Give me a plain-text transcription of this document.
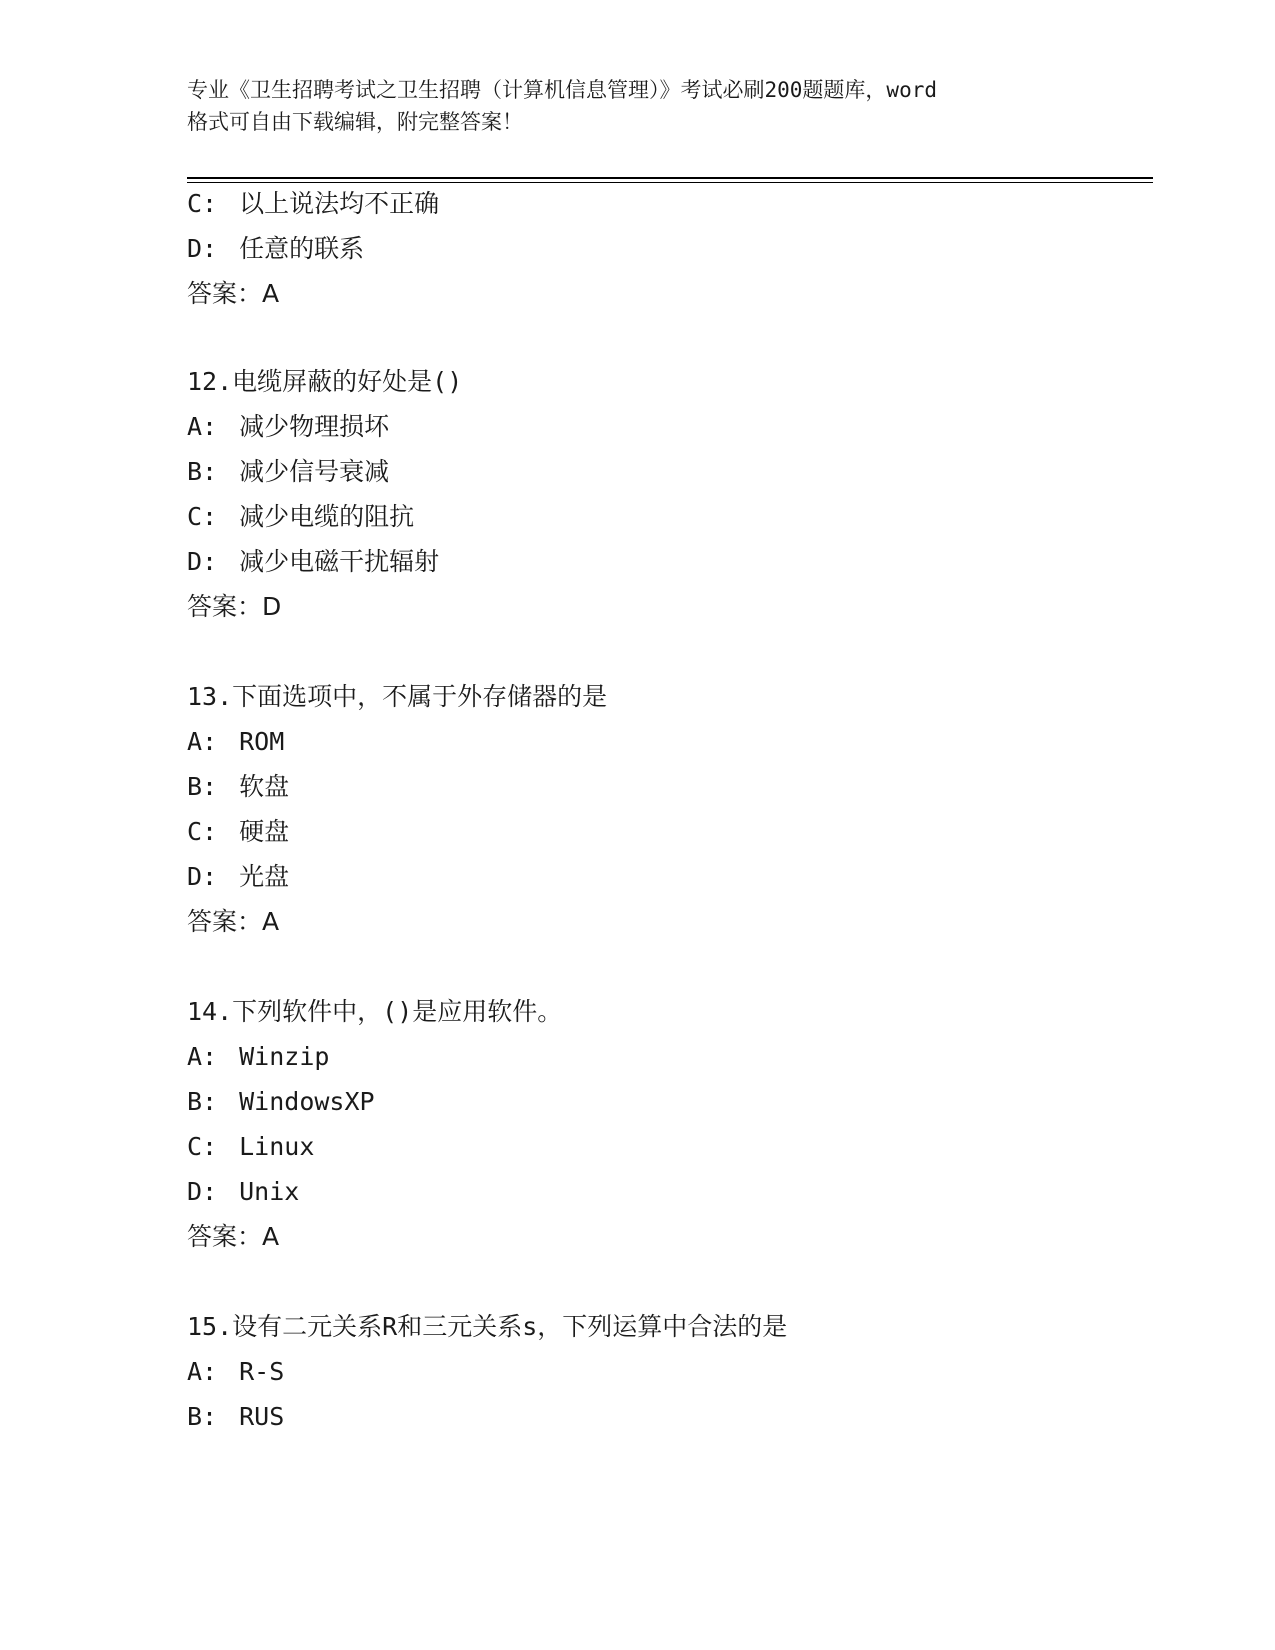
专业《卫生招聘考试之卫生招聘（计算机信息管理）》考试必刷200题题库，word
格式可自由下载编辑，附完整答案！
C: 以上说法均不正确
D: 任意的联系
答案：A
12.电缆屏蔽的好处是()
A: 减少物理损坏
B: 减少信号衰减
C: 减少电缆的阻抗
D: 减少电磁干扰辐射
答案：D
13.下面选项中，不属于外存储器的是
A: ROM
B: 软盘
C: 硬盘
D: 光盘
答案：A
14.下列软件中，()是应用软件。
A: Winzip
B: WindowsXP
C: Linux
D: Unix
答案：A
15.设有二元关系R和三元关系s，下列运算中合法的是
A: R-S
B: RUS
